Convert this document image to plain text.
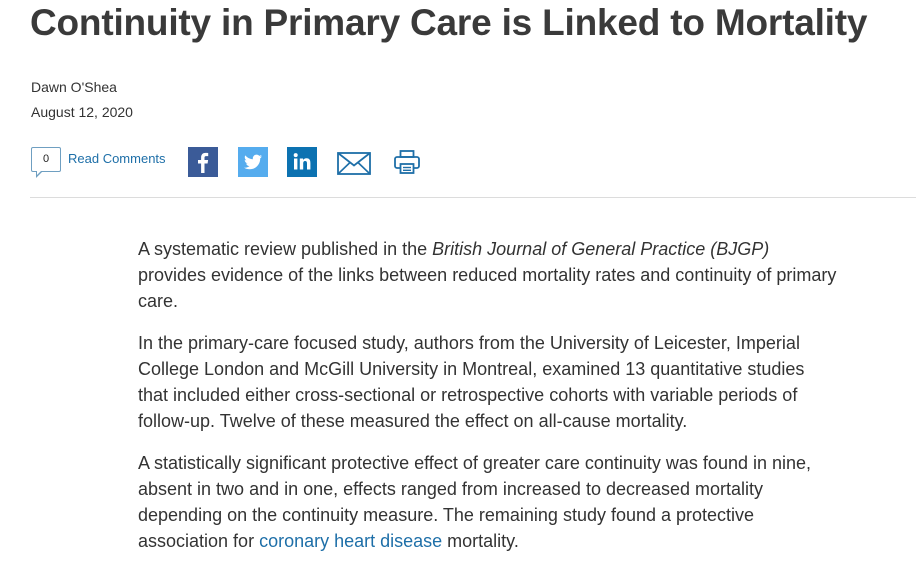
Continuity in Primary Care is Linked to Mortality
Dawn O'Shea
August 12, 2020
0	Read Comments

A systematic review published in the British Journal of General Practice (BJGP) provides evidence of the links between reduced mortality rates and continuity of primary care.

In the primary-care focused study, authors from the University of Leicester, Imperial College London and McGill University in Montreal, examined 13 quantitative studies that included either cross-sectional or retrospective cohorts with variable periods of follow-up. Twelve of these measured the effect on all-cause mortality.

A statistically significant protective effect of greater care continuity was found in nine, absent in two and in one, effects ranged from increased to decreased mortality depending on the continuity measure. The remaining study found a protective association for coronary heart disease mortality.
